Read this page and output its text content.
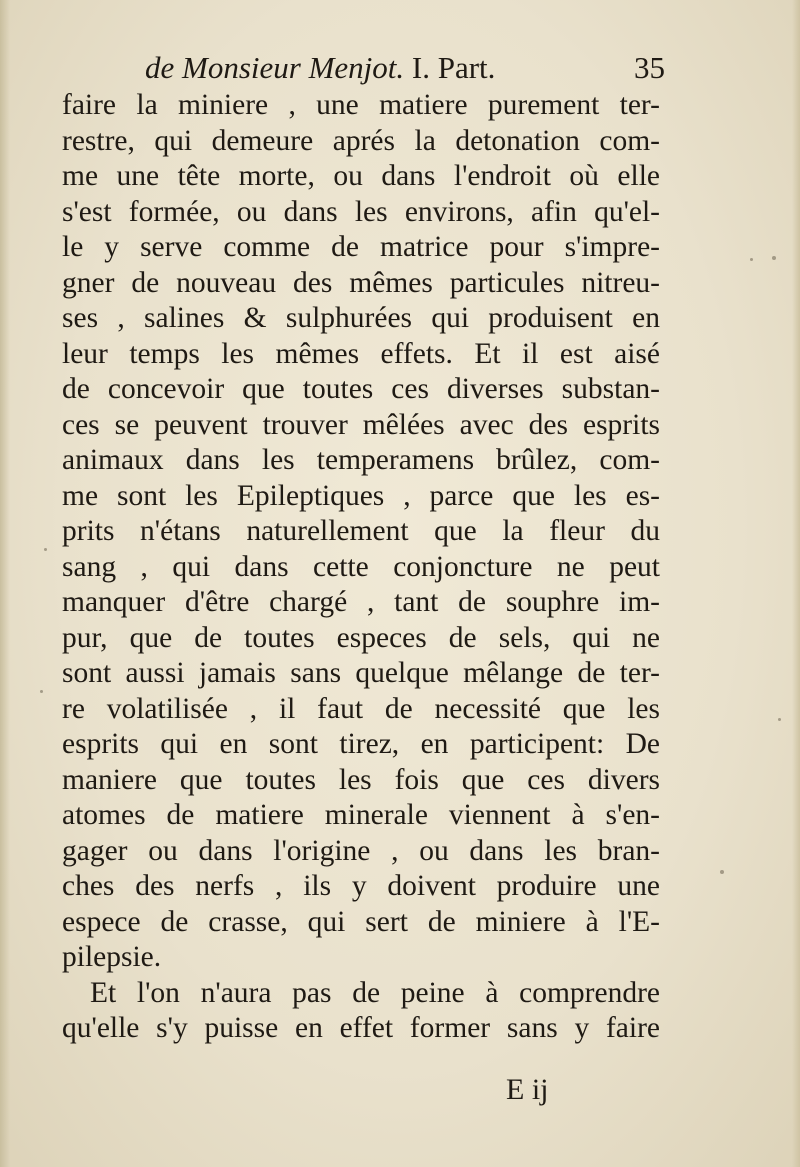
de Monsieur Menjot. I. Part.	35
faire la miniere , une matiere purement ter-
restre, qui demeure aprés la detonation com-
me une tête morte, ou dans l'endroit où elle
s'est formée, ou dans les environs, afin qu'el-
le y serve comme de matrice pour s'impre-
gner de nouveau des mêmes particules nitreu-
ses , salines & sulphurées qui produisent en
leur temps les mêmes effets. Et il est aisé
de concevoir que toutes ces diverses substan-
ces se peuvent trouver mêlées avec des esprits
animaux dans les temperamens brûlez, com-
me sont les Epileptiques , parce que les es-
prits n'étans naturellement que la fleur du
sang , qui dans cette conjoncture ne peut
manquer d'être chargé , tant de souphre im-
pur, que de toutes especes de sels, qui ne
sont aussi jamais sans quelque mêlange de ter-
re volatilisée , il faut de necessité que les
esprits qui en sont tirez, en participent: De
maniere que toutes les fois que ces divers
atomes de matiere minerale viennent à s'en-
gager ou dans l'origine , ou dans les bran-
ches des nerfs , ils y doivent produire une
espece de crasse, qui sert de miniere à l'E-
pilepsie.
Et l'on n'aura pas de peine à comprendre
qu'elle s'y puisse en effet former sans y faire
E ij
